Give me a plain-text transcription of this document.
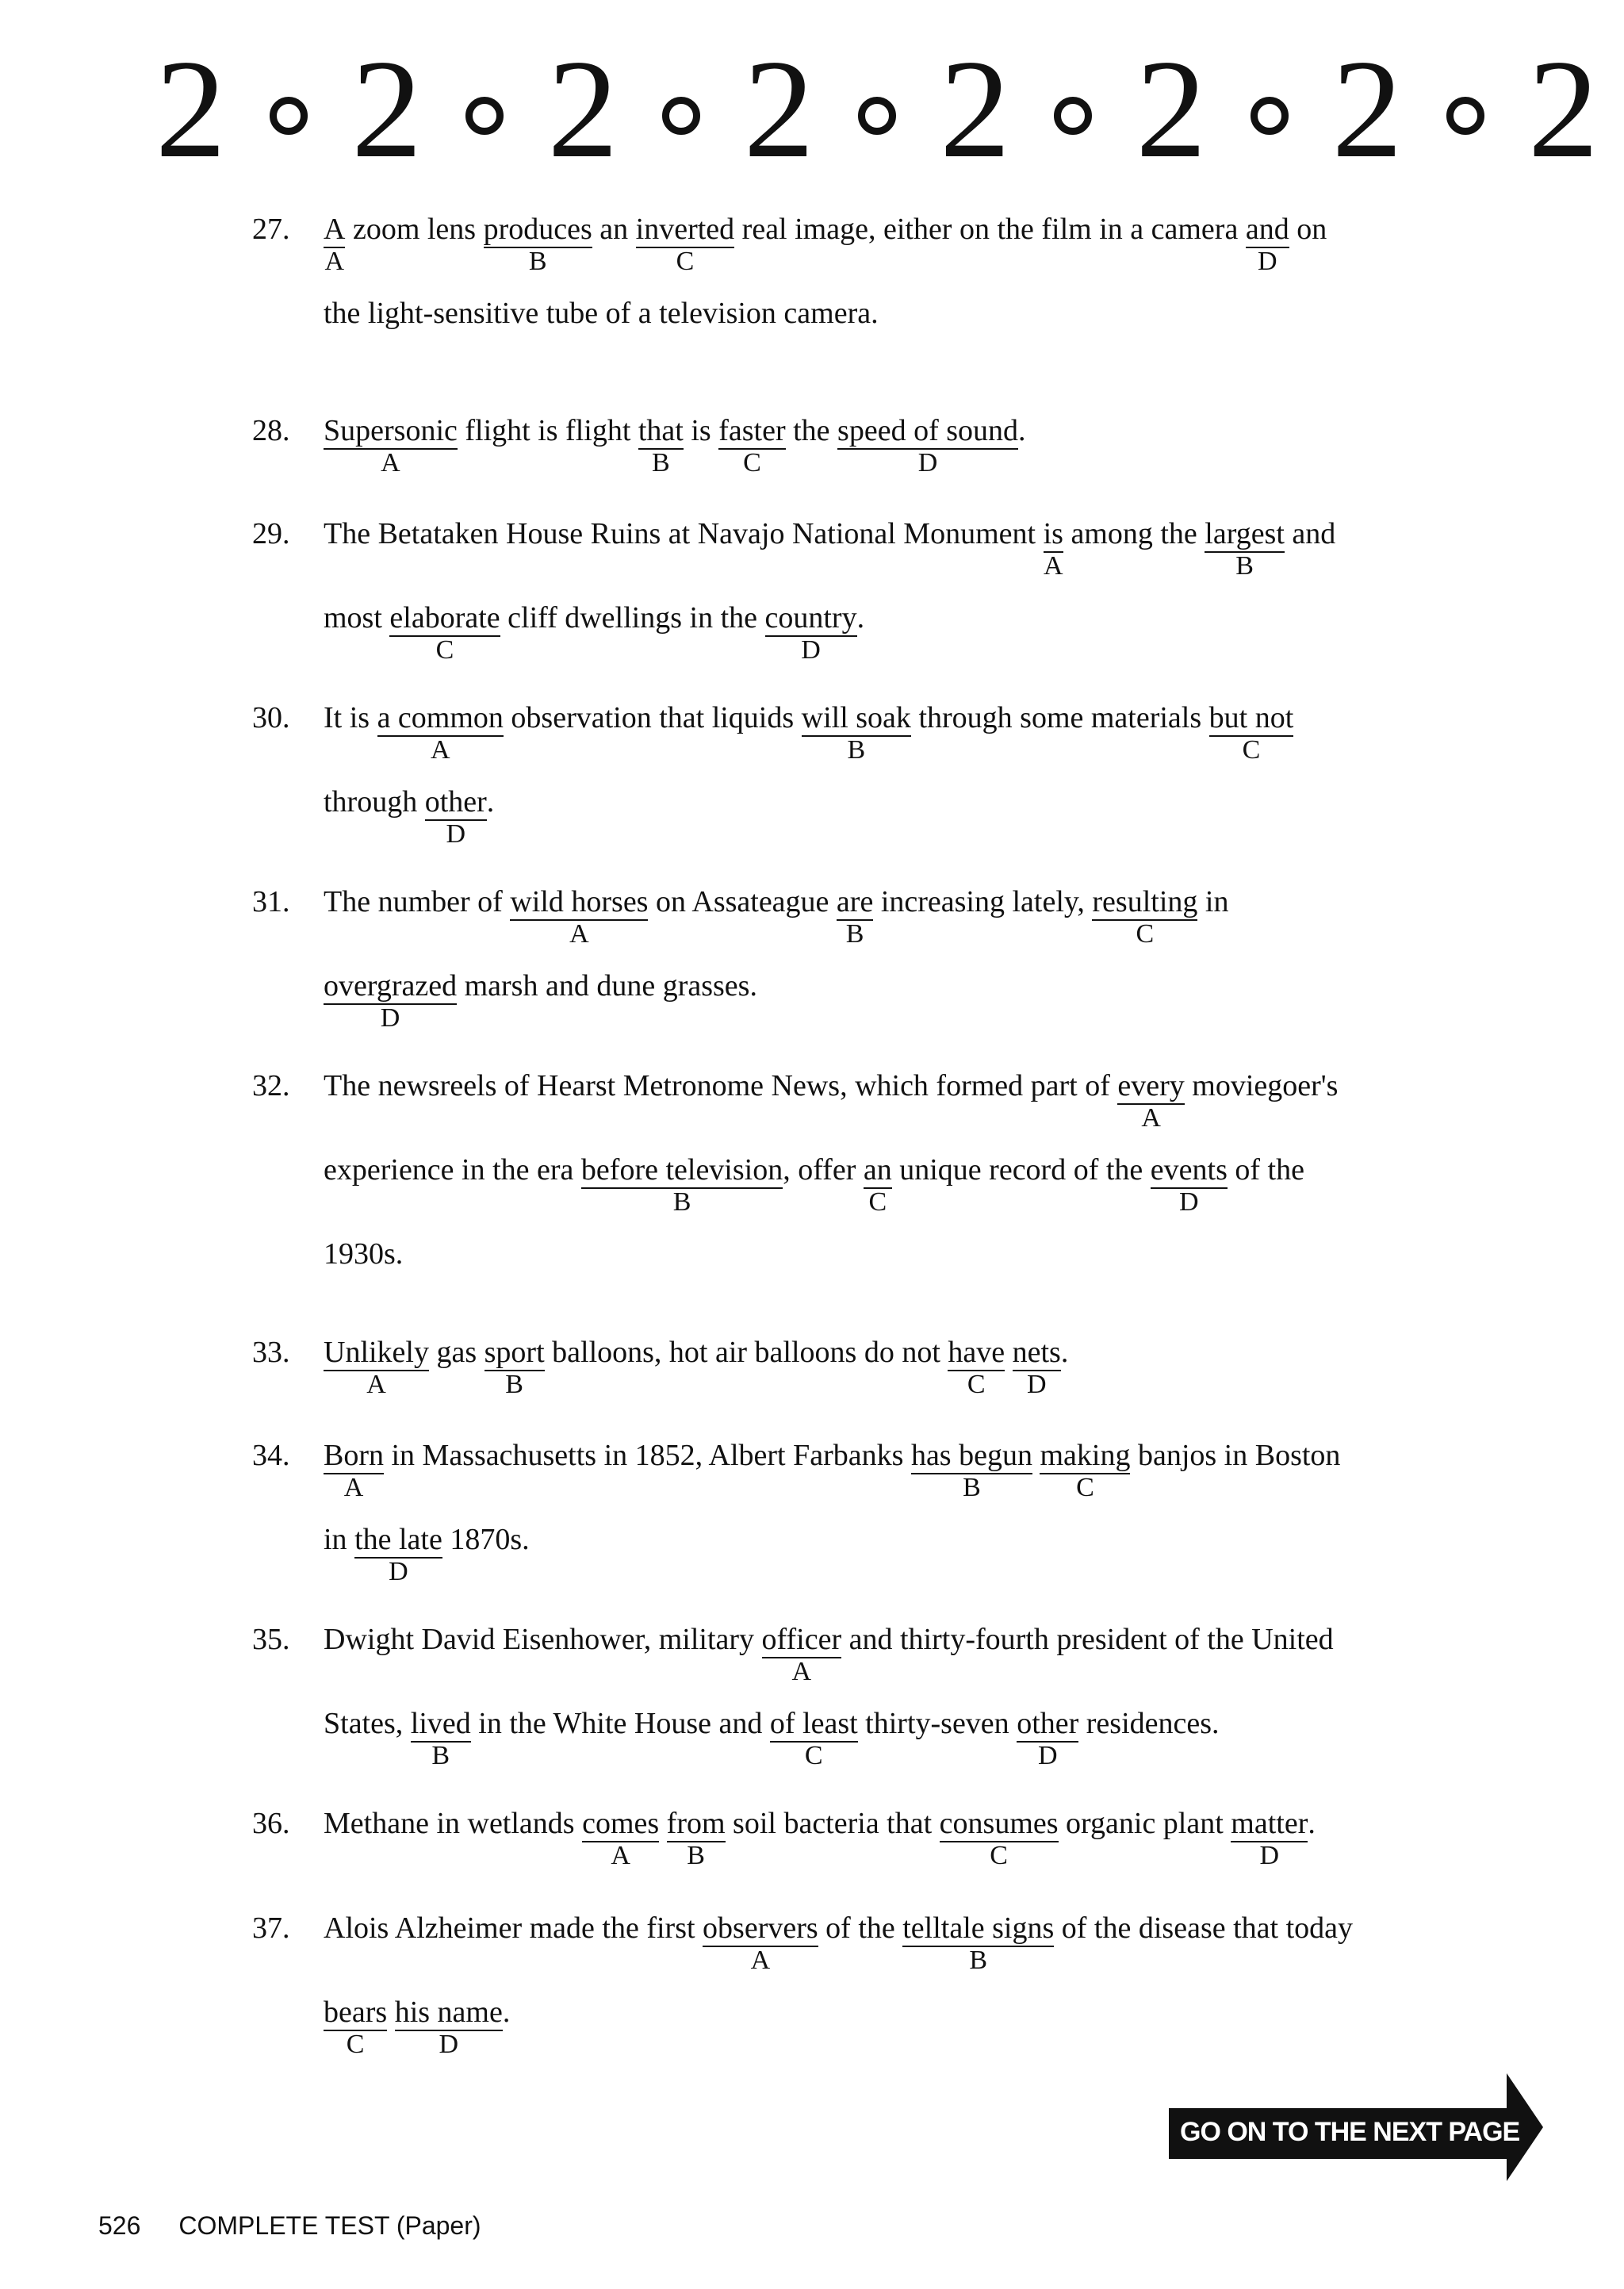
2 2 2 2 2 2 2 2
27.	A
A
zoom lens produces
B
an inverted
C
real image, either on the film in a camera and
D
on
the light-sensitive tube of a television camera.
28.	Supersonic
A
flight is flight that
B
is faster
C
the speed of sound
D
.
29.	The Betataken House Ruins at Navajo National Monument is
A
among the largest
B
and
most elaborate
C
cliff dwellings in the country
D
.
30.	It is a common
A
observation that liquids will soak
B
through some materials but not
C
through other
D
.
31.	The number of wild horses
A
on Assateague are
B
increasing lately, resulting
C
in
overgrazed
D
marsh and dune grasses.
32.	The newsreels of Hearst Metronome News, which formed part of every
A
moviegoer's
experience in the era before television
B
, offer an
C
unique record of the events
D
of the
1930s.
33.	Unlikely
A
gas sport
B
balloons, hot air balloons do not have
C
nets
D
.
34.	Born
A
in Massachusetts in 1852, Albert Farbanks has begun
B
making
C
banjos in Boston
in the late
D
1870s.
35.	Dwight David Eisenhower, military officer
A
and thirty-fourth president of the United
States, lived
B
in the White House and of least
C
thirty-seven other
D
residences.
36.	Methane in wetlands comes
A
from
B
soil bacteria that consumes
C
organic plant matter
D
.
37.	Alois Alzheimer made the first observers
A
of the telltale signs
B
of the disease that today
bears
C
his name
D
.
GO ON TO THE NEXT PAGE
526 COMPLETE TEST (Paper)
